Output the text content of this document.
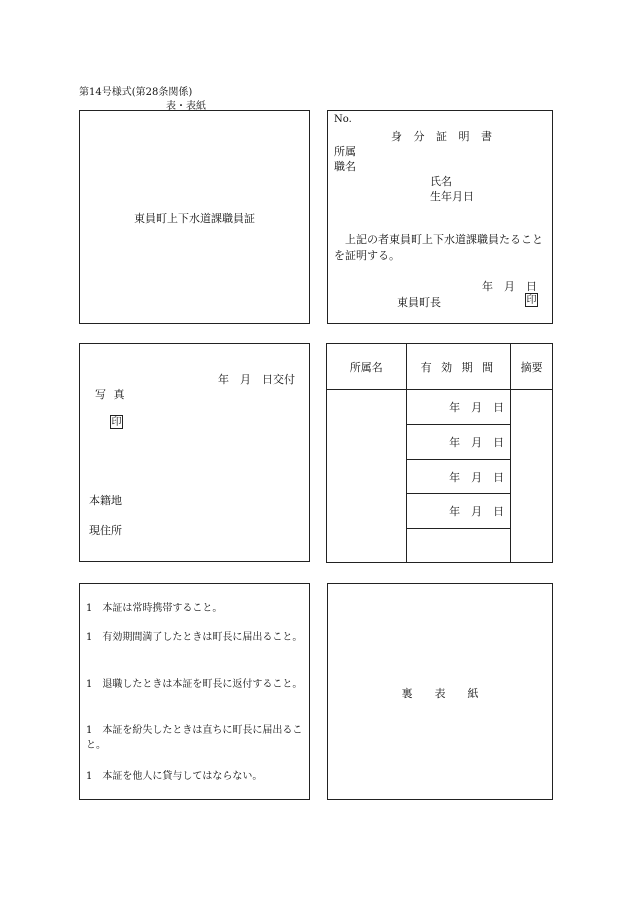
第14号様式(第28条関係)
表・表紙
東員町上下水道課職員証
No.
身 分 証 明 書
所属
職名
氏名
生年月日
上記の者東員町上下水道課職員たることを証明する。
年　月　日
東員町長	印
年　月　日交付
写 真
印
本籍地
現住所
所属名	有 効 期 間	摘要
	年　月　日	
	年　月　日	
	年　月　日	
	年　月　日	

1　本証は常時携帯すること。
1　有効期間満了したときは町長に届出ること。
1　退職したときは本証を町長に返付すること。
1　本証を紛失したときは直ちに町長に届出ること。
1　本証を他人に貸与してはならない。
裏　　表　　紙
